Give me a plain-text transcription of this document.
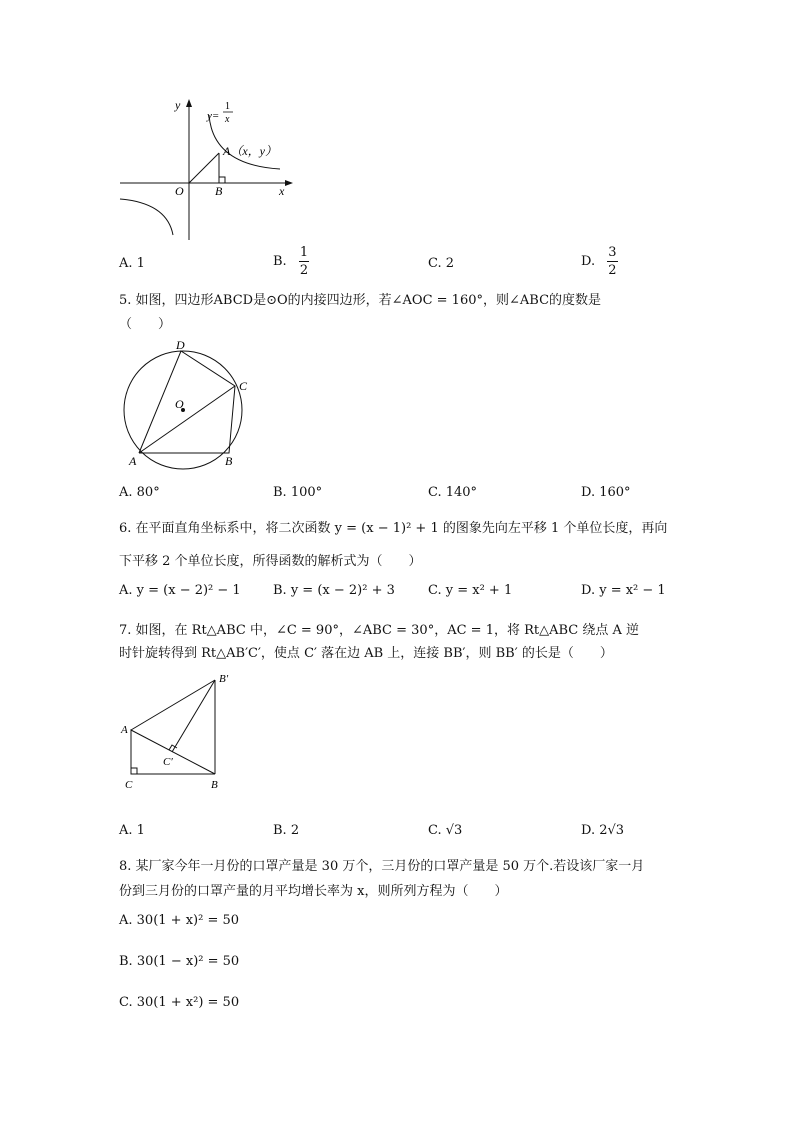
y
x
O	B
A（x，y）
y=
1
x
A. 1	B. $\frac{1}{2}$	C. 2	D. $\frac{3}{2}$
5. 如图，四边形ABCD是⊙O的内接四边形，若∠AOC = 160°，则∠ABC的度数是
（　　）
D
C
B
A
O
A. 80°	B. 100°	C. 140°	D. 160°
6. 在平面直角坐标系中，将二次函数 y = (x − 1)² + 1 的图象先向左平移 1 个单位长度，再向
下平移 2 个单位长度，所得函数的解析式为（　　）
A. y = (x − 2)² − 1 B. y = (x − 2)² + 3	C. y = x² + 1	D. y = x² − 1
7. 如图，在 Rt△ABC 中，∠C = 90°，∠ABC = 30°，AC = 1，将 Rt△ABC 绕点 A 逆
时针旋转得到 Rt△AB′C′，使点 C′ 落在边 AB 上，连接 BB′，则 BB′ 的长是（　　）
A
C	B
B′
C′
A. 1	B. 2	C. √3	D. 2√3
8. 某厂家今年一月份的口罩产量是 30 万个，三月份的口罩产量是 50 万个.若设该厂家一月
份到三月份的口罩产量的月平均增长率为 x，则所列方程为（　　）
A. 30(1 + x)² = 50
B. 30(1 − x)² = 50
C. 30(1 + x²) = 50
